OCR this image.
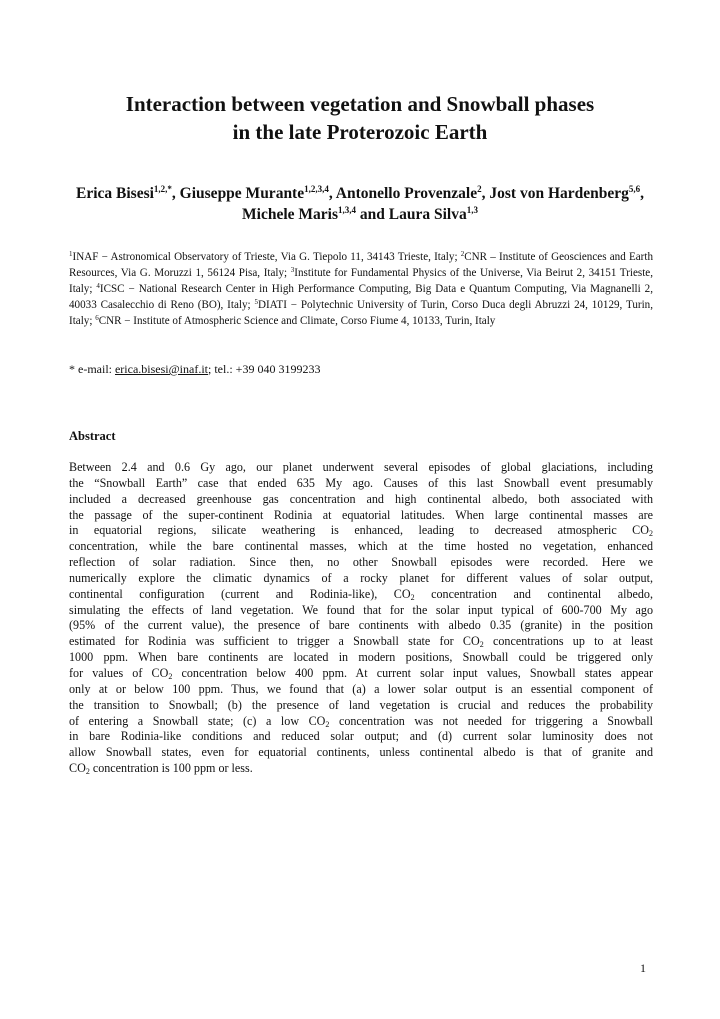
Interaction between vegetation and Snowball phases
in the late Proterozoic Earth
Erica Bisesi$^{1,2,*}$, Giuseppe Murante$^{1,2,3,4}$, Antonello Provenzale$^2$, Jost von Hardenberg$^{5,6}$, Michele Maris$^{1,3,4}$ and Laura Silva$^{1,3}$
$^1$INAF − Astronomical Observatory of Trieste, Via G. Tiepolo 11, 34143 Trieste, Italy; $^2$CNR – Institute of Geosciences and Earth Resources, Via G. Moruzzi 1, 56124 Pisa, Italy; $^3$Institute for Fundamental Physics of the Universe, Via Beirut 2, 34151 Trieste, Italy; $^4$ICSC − National Research Center in High Performance Computing, Big Data e Quantum Computing, Via Magnanelli 2, 40033 Casalecchio di Reno (BO), Italy; $^5$DIATI − Polytechnic University of Turin, Corso Duca degli Abruzzi 24, 10129, Turin, Italy; $^6$CNR − Institute of Atmospheric Science and Climate, Corso Fiume 4, 10133, Turin, Italy
* e-mail: erica.bisesi@inaf.it; tel.: +39 040 3199233
Abstract
Between 2.4 and 0.6 Gy ago, our planet underwent several episodes of global glaciations, including
the “Snowball Earth” case that ended 635 My ago. Causes of this last Snowball event presumably
included a decreased greenhouse gas concentration and high continental albedo, both associated with
the passage of the super-continent Rodinia at equatorial latitudes. When large continental masses are
in equatorial regions, silicate weathering is enhanced, leading to decreased atmospheric $CO_2$
concentration, while the bare continental masses, which at the time hosted no vegetation, enhanced
reflection of solar radiation. Since then, no other Snowball episodes were recorded. Here we
numerically explore the climatic dynamics of a rocky planet for different values of solar output,
continental configuration (current and Rodinia-like), $CO_2$ concentration and continental albedo,
simulating the effects of land vegetation. We found that for the solar input typical of 600-700 My ago
(95% of the current value), the presence of bare continents with albedo 0.35 (granite) in the position
estimated for Rodinia was sufficient to trigger a Snowball state for $CO_2$ concentrations up to at least
1000 ppm. When bare continents are located in modern positions, Snowball could be triggered only
for values of $CO_2$ concentration below 400 ppm. At current solar input values, Snowball states appear
only at or below 100 ppm. Thus, we found that (a) a lower solar output is an essential component of
the transition to Snowball; (b) the presence of land vegetation is crucial and reduces the probability
of entering a Snowball state; (c) a low $CO_2$ concentration was not needed for triggering a Snowball
in bare Rodinia-like conditions and reduced solar output; and (d) current solar luminosity does not
allow Snowball states, even for equatorial continents, unless continental albedo is that of granite and
$CO_2$ concentration is 100 ppm or less.
1
